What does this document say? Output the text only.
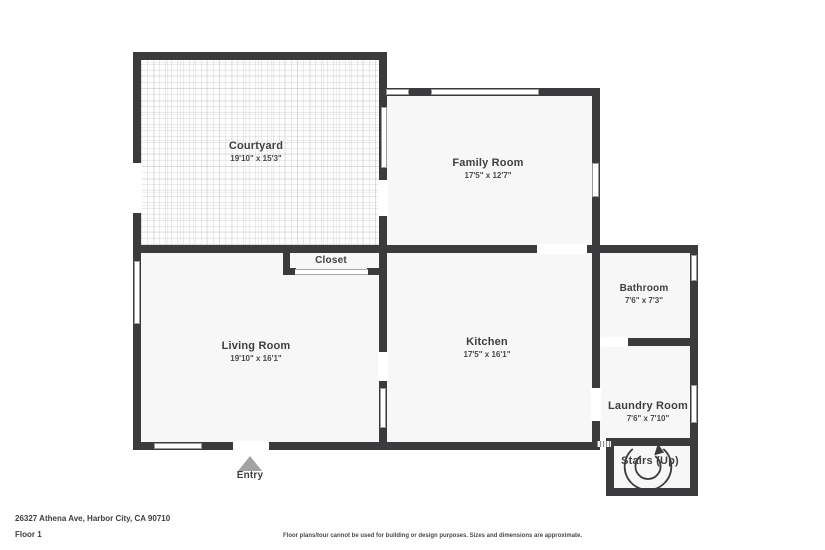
Courtyard
19'10" x 15'3"	Family Room
17'5" x 12'7"
Closet
Living Room
19'10" x 16'1"
Kitchen
17'5" x 16'1"
Bathroom
7'6" x 7'3"
Laundry Room
7'6" x 7'10"
Stairs (Up)
Entry
26327 Athena Ave, Harbor City, CA 90710
Floor 1	Floor plans/tour cannot be used for building or design purposes. Sizes and dimensions are approximate.
